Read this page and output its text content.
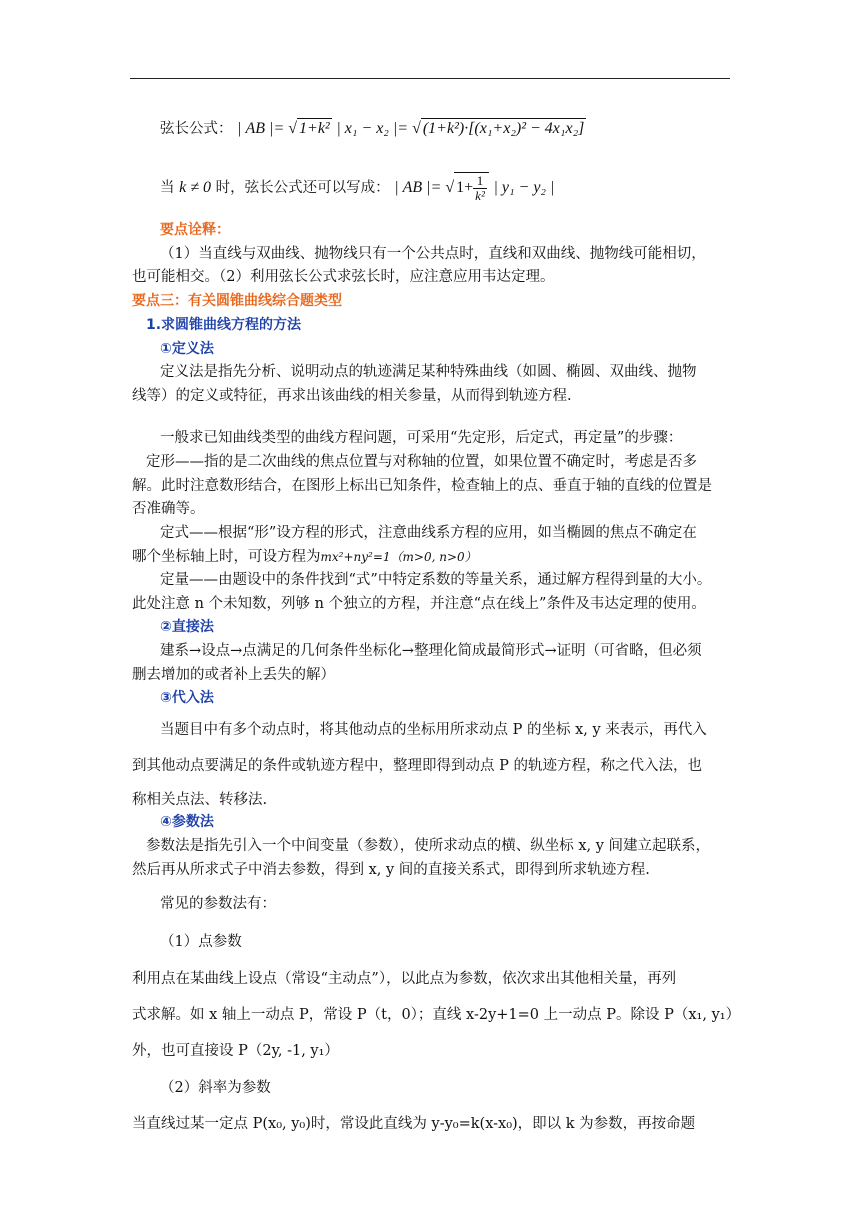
弦长公式： | AB |= √ 1+k² | x₁ − x₂ |= √ (1+k²)·[(x₁+x₂)² − 4x₁x₂]
当 k ≠ 0 时，弦长公式还可以写成： | AB |= √ $1+ \frac{1}{\text{k²}}$ | y₁ − y₂ |
要点诠释：
（1）当直线与双曲线、抛物线只有一个公共点时，直线和双曲线、抛物线可能相切，
也可能相交。（2）利用弦长公式求弦长时，应注意应用韦达定理。
要点三：有关圆锥曲线综合题类型
1.求圆锥曲线方程的方法
①定义法
定义法是指先分析、说明动点的轨迹满足某种特殊曲线（如圆、椭圆、双曲线、抛物
线等）的定义或特征，再求出该曲线的相关参量，从而得到轨迹方程.
一般求已知曲线类型的曲线方程问题，可采用“先定形，后定式，再定量”的步骤：
定形——指的是二次曲线的焦点位置与对称轴的位置，如果位置不确定时，考虑是否多
解。此时注意数形结合，在图形上标出已知条件，检查轴上的点、垂直于轴的直线的位置是
否准确等。
定式——根据“形”设方程的形式，注意曲线系方程的应用，如当椭圆的焦点不确定在
哪个坐标轴上时，可设方程为mx²+ny²=1（m>0, n>0）
定量——由题设中的条件找到“式”中特定系数的等量关系，通过解方程得到量的大小。
此处注意 n 个未知数，列够 n 个独立的方程，并注意“点在线上”条件及韦达定理的使用。
②直接法
建系→设点→点满足的几何条件坐标化→整理化简成最简形式→证明（可省略，但必须
删去增加的或者补上丢失的解）
③代入法
当题目中有多个动点时，将其他动点的坐标用所求动点 P 的坐标 x, y 来表示，再代入
到其他动点要满足的条件或轨迹方程中，整理即得到动点 P 的轨迹方程，称之代入法，也
称相关点法、转移法.
④参数法
参数法是指先引入一个中间变量（参数），使所求动点的横、纵坐标 x, y 间建立起联系，
然后再从所求式子中消去参数，得到 x, y 间的直接关系式，即得到所求轨迹方程.
常见的参数法有：
（1）点参数
利用点在某曲线上设点（常设“主动点”），以此点为参数，依次求出其他相关量，再列
式求解。如 x 轴上一动点 P，常设 P（t，0）；直线 x-2y+1=0 上一动点 P。除设 P（x₁, y₁）
外，也可直接设 P（2y, -1, y₁）
（2）斜率为参数
当直线过某一定点 P(x₀, y₀)时，常设此直线为 y-y₀=k(x-x₀)，即以 k 为参数，再按命题
